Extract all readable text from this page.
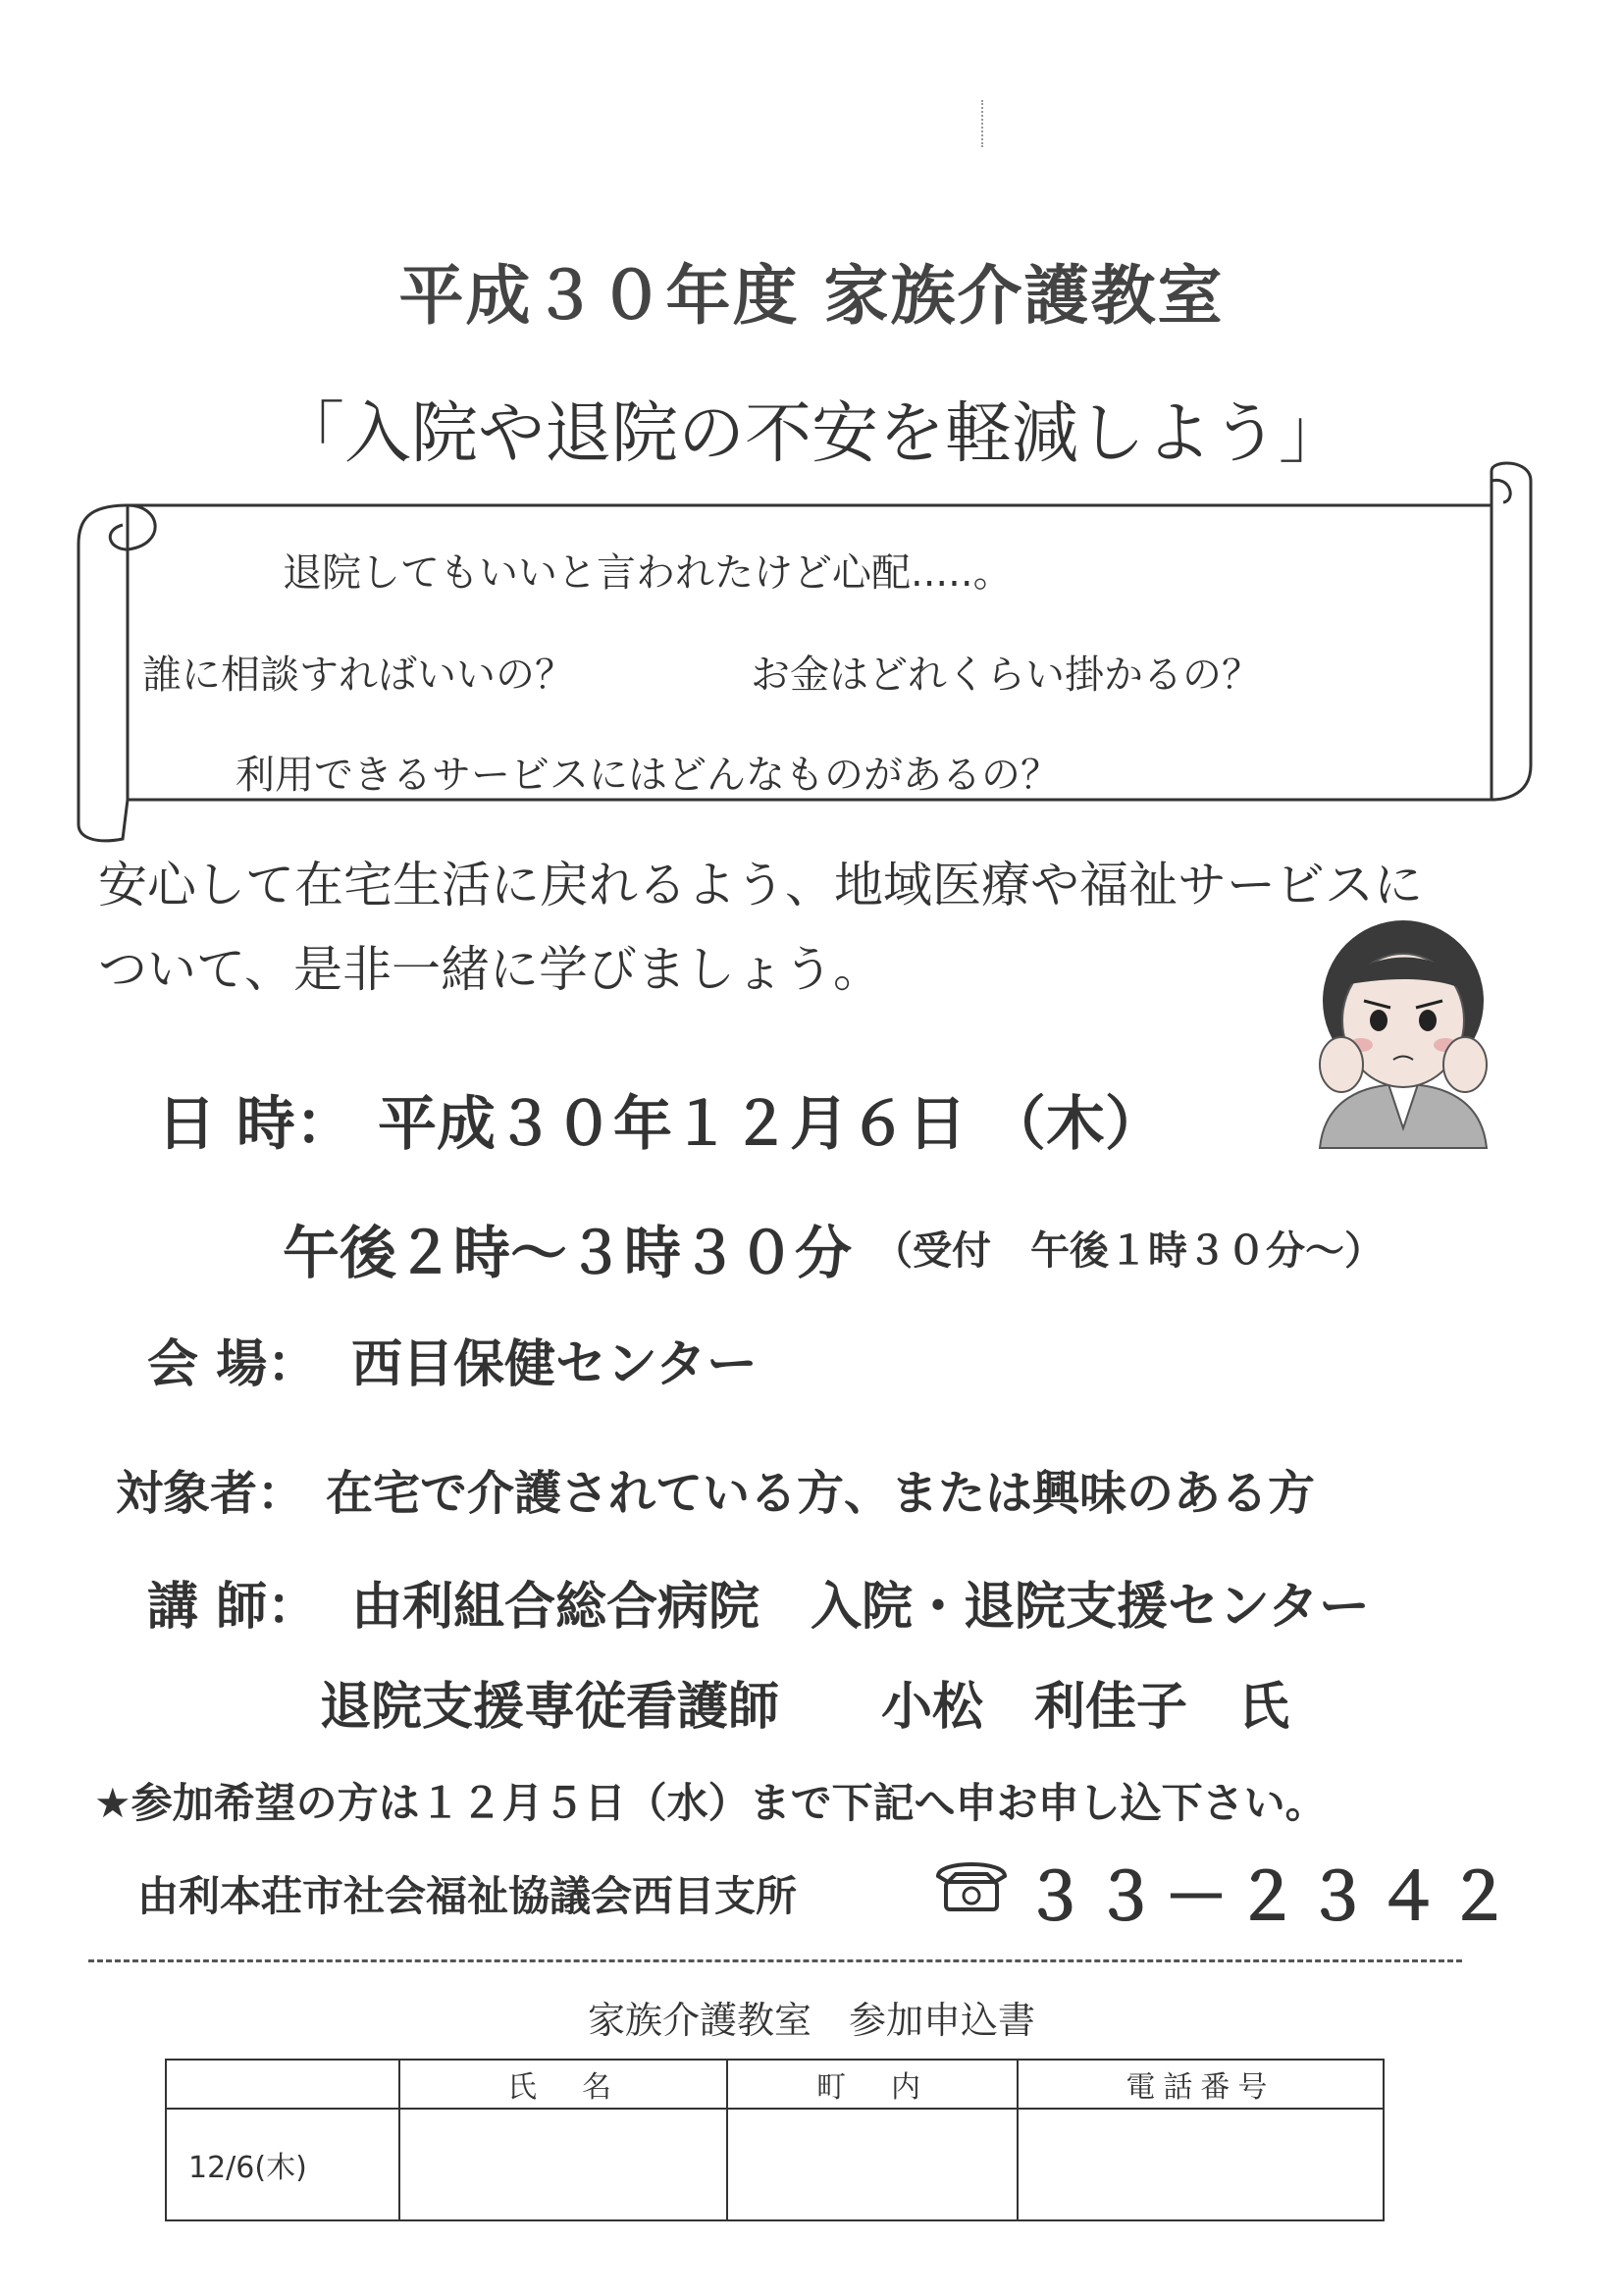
平成３０年度 家族介護教室
「入院や退院の不安を軽減しよう」
退院してもいいと言われたけど心配.....。
誰に相談すればいいの？	お金はどれくらい掛かるの？
利用できるサービスにはどんなものがあるの？
安心して在宅生活に戻れるよう、地域医療や福祉サービスに
ついて、是非一緒に学びましょう。
日 時： 平成３０年１２月６日 （木）
午後２時～３時３０分 （受付　午後１時３０分～）
会 場： 西目保健センター
対象者： 在宅で介護されている方、または興味のある方
講 師： 由利組合総合病院　入院・退院支援センター
退院支援専従看護師　　小松　利佳子　氏
★参加希望の方は１２月５日（水）まで下記へ申お申し込下さい。
由利本荘市社会福祉協議会西目支所	３３－２３４２
家族介護教室　参加申込書
	氏　名	町　内	電話番号
12/6(木)			
